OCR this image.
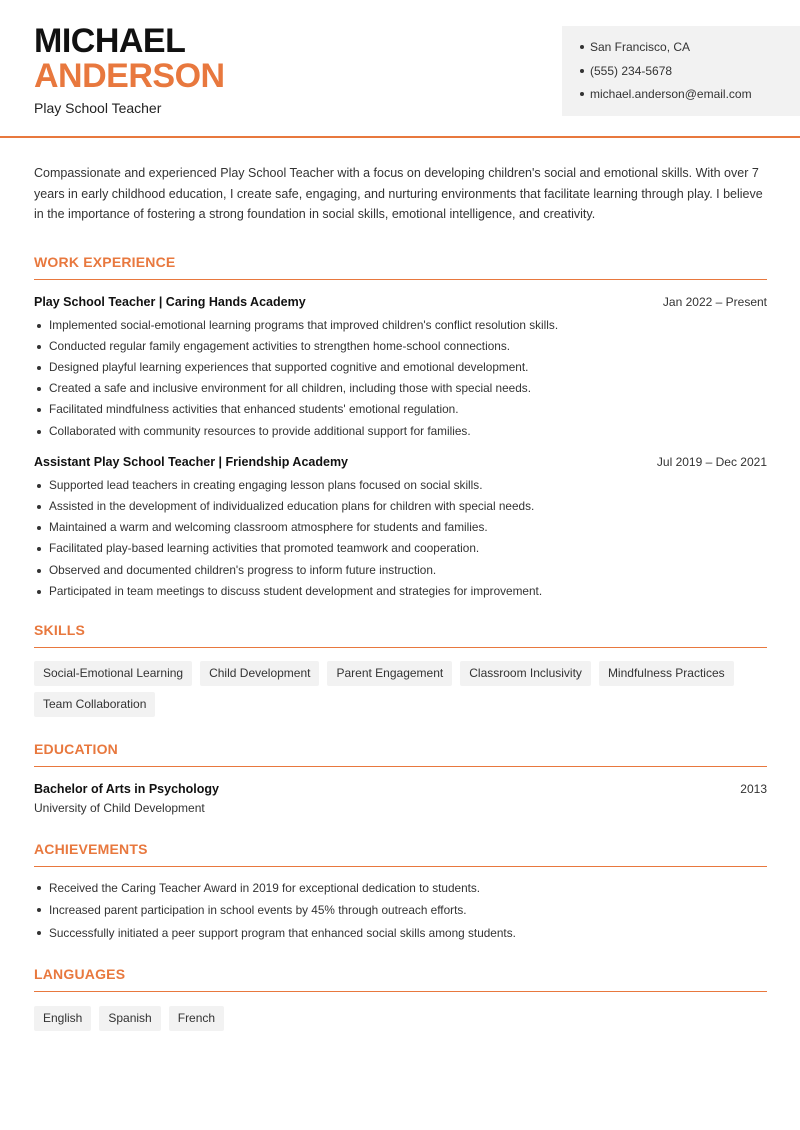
MICHAEL
ANDERSON
Play School Teacher
San Francisco, CA
(555) 234-5678
michael.anderson@email.com

Compassionate and experienced Play School Teacher with a focus on developing children's social and emotional skills. With over 7 years in early childhood education, I create safe, engaging, and nurturing environments that facilitate learning through play. I believe in the importance of fostering a strong foundation in social skills, emotional intelligence, and creativity.

WORK EXPERIENCE
Play School Teacher | Caring Hands Academy	Jan 2022 – Present
Implemented social-emotional learning programs that improved children's conflict resolution skills.
Conducted regular family engagement activities to strengthen home-school connections.
Designed playful learning experiences that supported cognitive and emotional development.
Created a safe and inclusive environment for all children, including those with special needs.
Facilitated mindfulness activities that enhanced students' emotional regulation.
Collaborated with community resources to provide additional support for families.
Assistant Play School Teacher | Friendship Academy	Jul 2019 – Dec 2021
Supported lead teachers in creating engaging lesson plans focused on social skills.
Assisted in the development of individualized education plans for children with special needs.
Maintained a warm and welcoming classroom atmosphere for students and families.
Facilitated play-based learning activities that promoted teamwork and cooperation.
Observed and documented children's progress to inform future instruction.
Participated in team meetings to discuss student development and strategies for improvement.
SKILLS
Social-Emotional Learning	Child Development	Parent Engagement	Classroom Inclusivity	Mindfulness Practices
Team Collaboration
EDUCATION
Bachelor of Arts in Psychology	2013
University of Child Development
ACHIEVEMENTS
Received the Caring Teacher Award in 2019 for exceptional dedication to students.
Increased parent participation in school events by 45% through outreach efforts.
Successfully initiated a peer support program that enhanced social skills among students.
LANGUAGES
English	Spanish	French
